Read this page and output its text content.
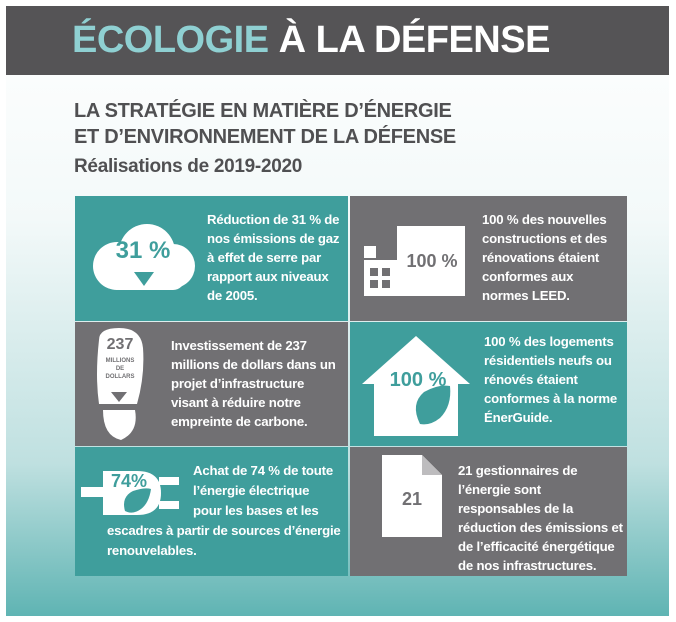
ÉCOLOGIE À LA DÉFENSE
LA STRATÉGIE EN MATIÈRE D’ÉNERGIE
ET D’ENVIRONNEMENT DE LA DÉFENSE
Réalisations de 2019-2020
31 %
Réduction de 31 % de nos émissions de gaz à effet de serre par rapport aux niveaux de 2005.
100 %
100 % des nouvelles constructions et des rénovations étaient conformes aux normes LEED.
237
MILLIONS
DE
DOLLARS
Investissement de 237 millions de dollars dans un projet d’infrastructure visant à réduire notre empreinte de carbone.
100 %
100 % des logements résidentiels neufs ou rénovés étaient conformes à la norme ÉnerGuide.
74%
Achat de 74 % de toute
l’énergie électrique
pour les bases et les
escadres à partir de sources d’énergie
renouvelables.
21
21 gestionnaires de l’énergie sont responsables de la réduction des émissions et de l’efficacité énergétique de nos infrastructures.
